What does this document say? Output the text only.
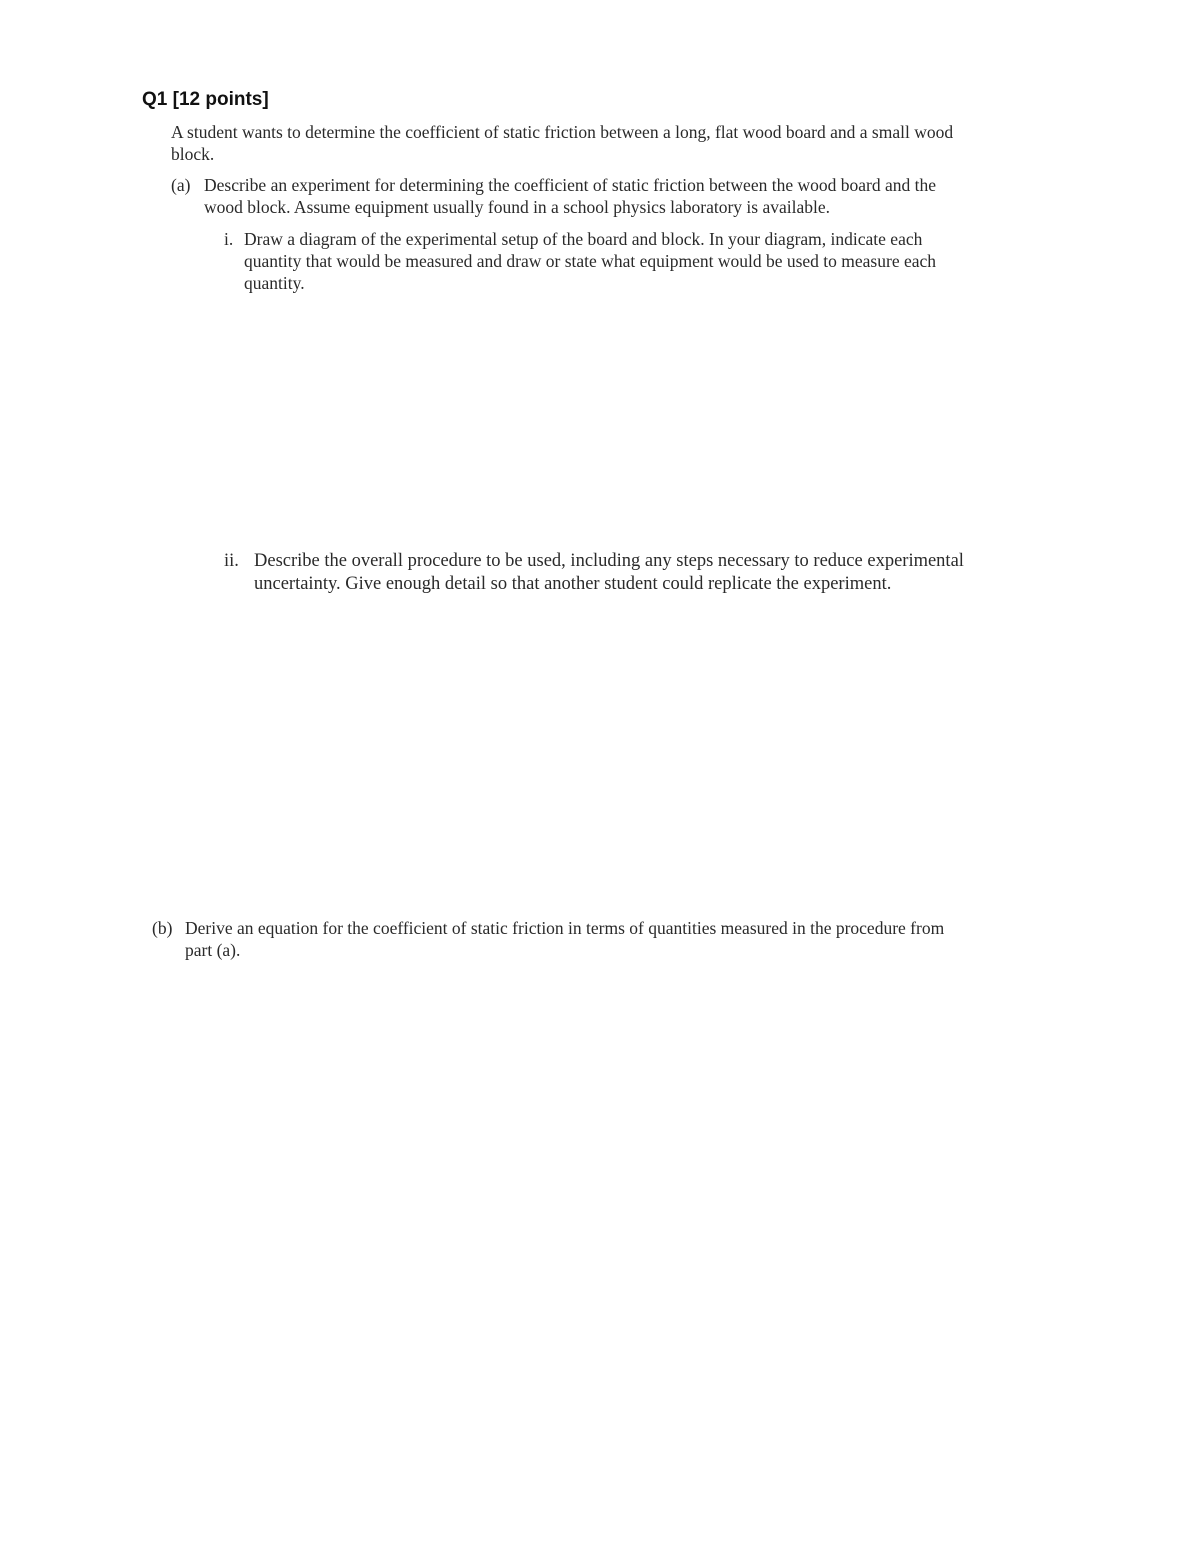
Q1 [12 points]
A student wants to determine the coefficient of static friction between a long, flat wood board and a small wood
block.
(a) Describe an experiment for determining the coefficient of static friction between the wood board and the
wood block. Assume equipment usually found in a school physics laboratory is available.
i. Draw a diagram of the experimental setup of the board and block. In your diagram, indicate each
quantity that would be measured and draw or state what equipment would be used to measure each
quantity.
ii. Describe the overall procedure to be used, including any steps necessary to reduce experimental
uncertainty. Give enough detail so that another student could replicate the experiment.
(b) Derive an equation for the coefficient of static friction in terms of quantities measured in the procedure from
part (a).
